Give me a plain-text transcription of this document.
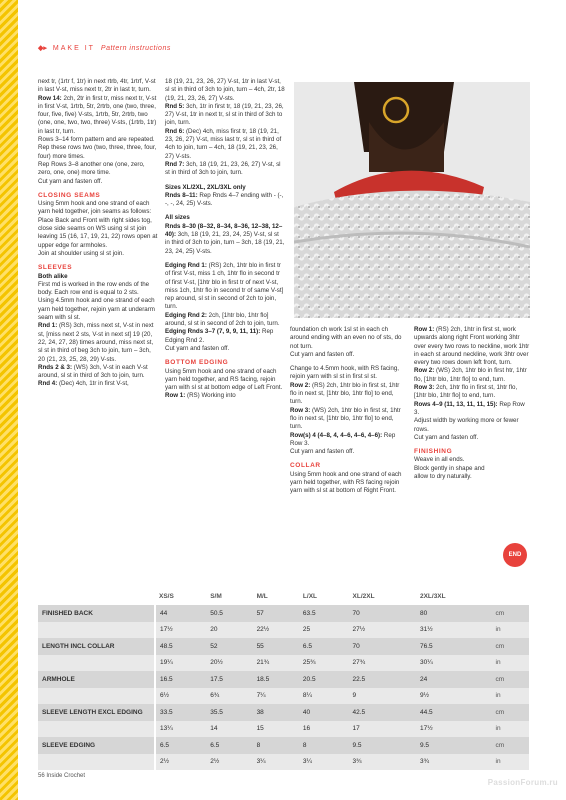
◆▸ MAKE IT Pattern instructions

next tr, (1rtr f, 1tr) in next rtrb, 4tr, 1rtrf, V-st in last V-st, miss next tr, 2tr in last tr, turn.

Row 14: 2ch, 2tr in first tr, miss next tr, V-st in first V-st, 1rtrb, 5tr, 2rtrb, one (two, three, four, five, five) V-sts, 1rtrb, 5tr, 2rtrb, two (one, one, two, two, three) V-sts, (1rtrb, 1tr) in last tr, turn.

Rows 3–14 form pattern and are repeated.
Rep these rows two (two, three, three, four, four) more times.
Rep Rows 3–8 another one (one, zero, zero, one, one) more time.
Cut yarn and fasten off.

CLOSING SEAMS

Using 5mm hook and one strand of each yarn held together, join seams as follows:
Place Back and Front with right sides tog, close side seams on WS using sl st join leaving 15 (16, 17, 19, 21, 22) rows open at upper edge for armholes.
Join at shoulder using sl st join.

SLEEVES

Both alike

First md is worked in the row ends of the body. Each row end is equal to 2 sts.
Using 4.5mm hook and one strand of each yarn held together, rejoin yarn at underarm seam with sl st.

Rnd 1: (RS) 3ch, miss next st, V-st in next st, [miss next 2 sts, V-st in next st] 19 (20, 22, 24, 27, 28) times around, miss next st, sl st in third of beg 3ch to join, turn – 3ch, 20 (21, 23, 25, 28, 29) V-sts.

Rnds 2 & 3: (WS) 3ch, V-st in each V-st around, sl st in third of 3ch to join, turn.

Rnd 4: (Dec) 4ch, 1tr in first V-st,

18 (19, 21, 23, 26, 27) V-st, 1tr in last V-st, sl st in third of 3ch to join, turn – 4ch, 2tr, 18 (19, 21, 23, 26, 27) V-sts.

Rnd 5: 3ch, 1tr in first tr, 18 (19, 21, 23, 26, 27) V-st, 1tr in next tr, sl st in third of 3ch to join, turn.

Rnd 6: (Dec) 4ch, miss first tr, 18 (19, 21, 23, 26, 27) V-st, miss last tr, sl st in third of 4ch to join, turn – 4ch, 18 (19, 21, 23, 26, 27) V-sts.

Rnd 7: 3ch, 18 (19, 21, 23, 26, 27) V-st, sl st in third of 3ch to join, turn.

Sizes XL/2XL, 2XL/3XL only

Rnds 8–11: Rep Rnds 4–7 ending with - (-, -, -, 24, 25) V-sts.

All sizes

Rnds 8–30 (8–32, 8–34, 8–36, 12–38, 12–40): 3ch, 18 (19, 21, 23, 24, 25) V-st, sl st in third of 3ch to join, turn – 3ch, 18 (19, 21, 23, 24, 25) V-sts.

Edging Rnd 1: (RS) 2ch, 1htr blo in first tr of first V-st, miss 1 ch, 1htr flo in second tr of first V-st, [1htr blo in first tr of next V-st, miss 1ch, 1htr flo in second tr of same V-st] rep around, sl st in second of 2ch to join, turn.

Edging Rnd 2: 2ch, [1htr blo, 1htr flo] around, sl st in second of 2ch to join, turn.

Edging Rnds 3–7 (7, 9, 9, 11, 11): Rep Edging Rnd 2.
Cut yarn and fasten off.

BOTTOM EDGING

Using 5mm hook and one strand of each yarn held together, and RS facing, rejoin yarn with sl st at bottom edge of Left Front.

Row 1: (RS) Working into

foundation ch work 1sl st in each ch around ending with an even no of sts, do not turn.
Cut yarn and fasten off.

Change to 4.5mm hook, with RS facing, rejoin yarn with sl st in first sl st.

Row 2: (RS) 2ch, 1htr blo in first st, 1htr flo in next st, [1htr blo, 1htr flo] to end, turn.

Row 3: (WS) 2ch, 1htr blo in first st, 1htr flo in next st, [1htr blo, 1htr flo] to end, turn.

Row(s) 4 (4–8, 4, 4–6, 4–6, 4–6): Rep Row 3.
Cut yarn and fasten off.

COLLAR

Using 5mm hook and one strand of each yarn held together, with RS facing rejoin yarn with sl st at bottom of Right Front.

Row 1: (RS) 2ch, 1htr in first st, work upwards along right Front working 3htr over every two rows to neckline, work 1htr in each st around neckline, work 3htr over every two rows down left front, turn.

Row 2: (WS) 2ch, 1htr blo in first htr, 1htr flo, [1htr blo, 1htr flo] to end, turn.

Row 3: 2ch, 1htr flo in first st, 1htr flo, [1htr blo, 1htr flo] to end, turn.

Rows 4–9 (11, 13, 11, 11, 15): Rep Row 3.
Adjust width by working more or fewer rows.
Cut yarn and fasten off.

FINISHING

Weave in all ends.
Block gently in shape and allow to dry naturally.

END
	XS/S	S/M	M/L	L/XL	XL/2XL	2XL/3XL	
FINISHED BACK	44	50.5	57	63.5	70	80	cm
	17½	20	22½	25	27½	31½	in
LENGTH INCL COLLAR	48.5	52	55	6.5	70	76.5	cm
	19¼	20½	21¾	25¾	27¾	30¼	in
ARMHOLE	16.5	17.5	18.5	20.5	22.5	24	cm
	6½	6¾	7¼	8¼	9	9½	in
SLEEVE LENGTH EXCL EDGING	33.5	35.5	38	40	42.5	44.5	cm
	13¼	14	15	16	17	17½	in
SLEEVE EDGING	6.5	6.5	8	8	9.5	9.5	cm
	2½	2½	3¼	3¼	3¾	3¾	in
56 Inside Crochet
PassionForum.ru
